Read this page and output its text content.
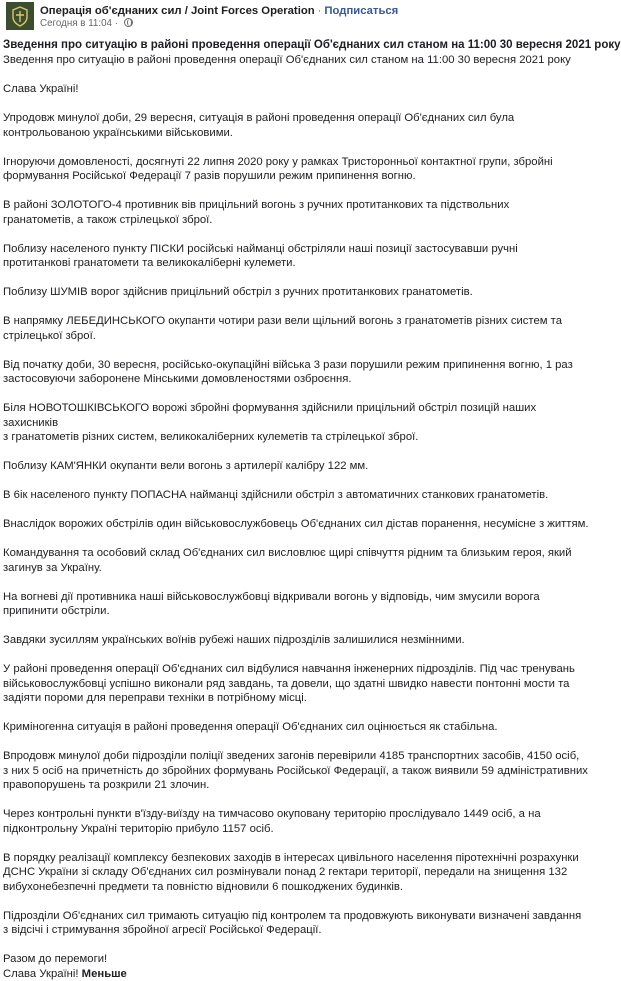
Операція об'єднаних сил / Joint Forces Operation · Подписаться
Сегодня в 11:04 ·
Зведення про ситуацію в районі проведення операції Об'єднаних сил станом на 11:00 30 вересня 2021 року
Зведення про ситуацію в районі проведення операції Об'єднаних сил станом на 11:00 30 вересня 2021 року
Слава Україні!
Упродовж минулої доби, 29 вересня, ситуація в районі проведення операції Об'єднаних сил була
контрольованою українськими військовими.
Ігноруючи домовленості, досягнуті 22 липня 2020 року у рамках Тристоронньої контактної групи, збройні
формування Російської Федерації 7 разів порушили режим припинення вогню.
В районі ЗОЛОТОГО-4 противник вів прицільний вогонь з ручних протитанкових та підствольних
гранатометів, а також стрілецької зброї.
Поблизу населеного пункту ПІСКИ російські найманці обстріляли наші позиції застосувавши ручні
протитанкові гранатомети та великокаліберні кулемети.
Поблизу ШУМІВ ворог здійснив прицільний обстріл з ручних протитанкових гранатометів.
В напрямку ЛЕБЕДИНСЬКОГО окупанти чотири рази вели щільний вогонь з гранатометів різних систем та
стрілецької зброї.
Від початку доби, 30 вересня, російсько-окупаційні війська 3 рази порушили режим припинення вогню, 1 раз
застосовуючи заборонене Мінськими домовленостями озброєння.
Біля НОВОТОШКІВСЬКОГО ворожі збройні формування здійснили прицільний обстріл позицій наших захисників
з гранатометів різних систем, великокаліберних кулеметів та стрілецької зброї.
Поблизу КАМ'ЯНКИ окупанти вели вогонь з артилерії калібру 122 мм.
В 6ік населеного пункту ПОПАСНА найманці здійснили обстріл з автоматичних станкових гранатометів.
Внаслідок ворожих обстрілів один військовослужбовець Об'єднаних сил дістав поранення, несумісне з життям.
Командування та особовий склад Об'єднаних сил висловлює щирі співчуття рідним та близьким героя, який
загинув за Україну.
На вогневі дії противника наші військовослужбовці відкривали вогонь у відповідь, чим змусили ворога
припинити обстріли.
Завдяки зусиллям українських воїнів рубежі наших підрозділів залишилися незмінними.
У районі проведення операції Об'єднаних сил відбулися навчання інженерних підрозділів. Під час тренувань
військовослужбовці успішно виконали ряд завдань, та довели, що здатні швидко навести понтонні мости та
задіяти пороми для переправи техніки в потрібному місці.
Криміногенна ситуація в районі проведення операції Об'єднаних сил оцінюється як стабільна.
Впродовж минулої доби підрозділи поліції зведених загонів перевірили 4185 транспортних засобів, 4150 осіб,
з них 5 осіб на причетність до збройних формувань Російської Федерації, а також виявили 59 адміністративних
правопорушень та розкрили 21 злочин.
Через контрольні пункти в'їзду-виїзду на тимчасово окуповану територію прослідувало 1449 осіб, а на
підконтрольну Україні територію прибуло 1157 осіб.
В порядку реалізації комплексу безпекових заходів в інтересах цивільного населення піротехнічні розрахунки
ДСНС України зі складу Об'єднаних сил розмінували понад 2 гектари території, передали на знищення 132
вибухонебезпечні предмети та повністю відновили 6 пошкоджених будинків.
Підрозділи Об'єднаних сил тримають ситуацію під контролем та продовжують виконувати визначені завдання
з відсічі і стримування збройної агресії Російської Федерації.
Разом до перемоги!
Слава Україні! Меньше
